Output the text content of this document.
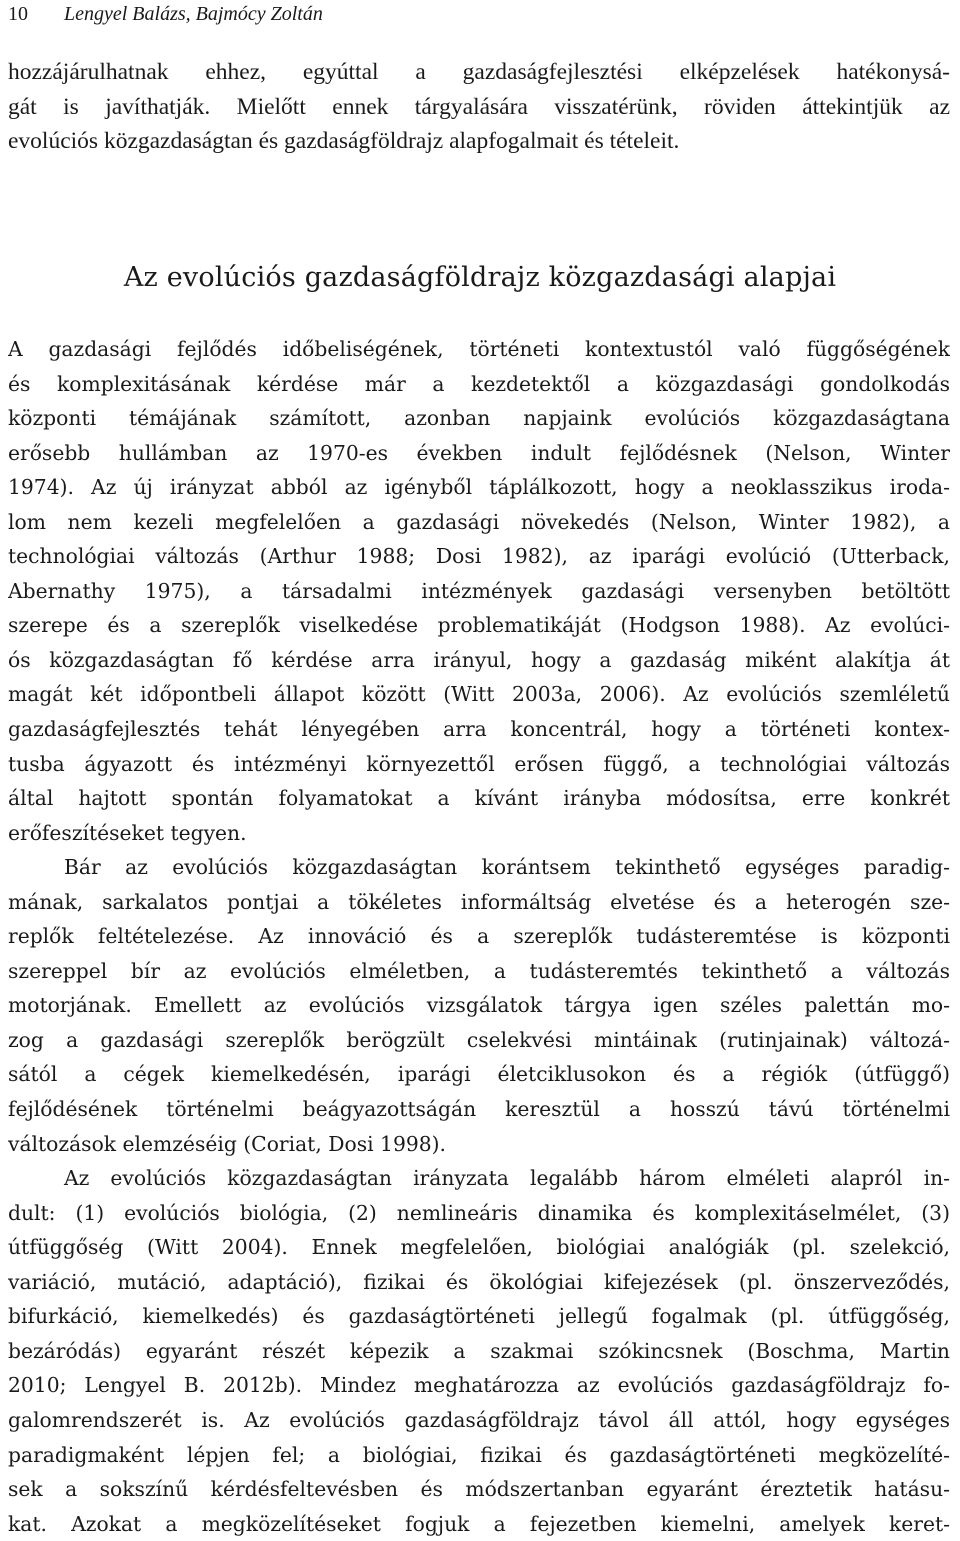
10 Lengyel Balázs, Bajmócy Zoltán
hozzájárulhatnak ehhez, egyúttal a gazdaságfejlesztési elképzelések hatékonysá-
gát is javíthatják. Mielőtt ennek tárgyalására visszatérünk, röviden áttekintjük az
evolúciós közgazdaságtan és gazdaságföldrajz alapfogalmait és tételeit.
Az evolúciós gazdaságföldrajz közgazdasági alapjai
A gazdasági fejlődés időbeliségének, történeti kontextustól való függőségének
és komplexitásának kérdése már a kezdetektől a közgazdasági gondolkodás
központi témájának számított, azonban napjaink evolúciós közgazdaságtana
erősebb hullámban az 1970-es években indult fejlődésnek (Nelson, Winter
1974). Az új irányzat abból az igényből táplálkozott, hogy a neoklasszikus iroda-
lom nem kezeli megfelelően a gazdasági növekedés (Nelson, Winter 1982), a
technológiai változás (Arthur 1988; Dosi 1982), az iparági evolúció (Utterback,
Abernathy 1975), a társadalmi intézmények gazdasági versenyben betöltött
szerepe és a szereplők viselkedése problematikáját (Hodgson 1988). Az evolúci-
ós közgazdaságtan fő kérdése arra irányul, hogy a gazdaság miként alakítja át
magát két időpontbeli állapot között (Witt 2003a, 2006). Az evolúciós szemléletű
gazdaságfejlesztés tehát lényegében arra koncentrál, hogy a történeti kontex-
tusba ágyazott és intézményi környezettől erősen függő, a technológiai változás
által hajtott spontán folyamatokat a kívánt irányba módosítsa, erre konkrét
erőfeszítéseket tegyen.
Bár az evolúciós közgazdaságtan korántsem tekinthető egységes paradig-
mának, sarkalatos pontjai a tökéletes informáltság elvetése és a heterogén sze-
replők feltételezése. Az innováció és a szereplők tudásteremtése is központi
szereppel bír az evolúciós elméletben, a tudásteremtés tekinthető a változás
motorjának. Emellett az evolúciós vizsgálatok tárgya igen széles palettán mo-
zog a gazdasági szereplők berögzült cselekvési mintáinak (rutinjainak) változá-
sától a cégek kiemelkedésén, iparági életciklusokon és a régiók (útfüggő)
fejlődésének történelmi beágyazottságán keresztül a hosszú távú történelmi
változások elemzéséig (Coriat, Dosi 1998).
Az evolúciós közgazdaságtan irányzata legalább három elméleti alapról in-
dult: (1) evolúciós biológia, (2) nemlineáris dinamika és komplexitáselmélet, (3)
útfüggőség (Witt 2004). Ennek megfelelően, biológiai analógiák (pl. szelekció,
variáció, mutáció, adaptáció), fizikai és ökológiai kifejezések (pl. önszerveződés,
bifurkáció, kiemelkedés) és gazdaságtörténeti jellegű fogalmak (pl. útfüggőség,
bezáródás) egyaránt részét képezik a szakmai szókincsnek (Boschma, Martin
2010; Lengyel B. 2012b). Mindez meghatározza az evolúciós gazdaságföldrajz fo-
galomrendszerét is. Az evolúciós gazdaságföldrajz távol áll attól, hogy egységes
paradigmaként lépjen fel; a biológiai, fizikai és gazdaságtörténeti megközelíté-
sek a sokszínű kérdésfeltevésben és módszertanban egyaránt éreztetik hatásu-
kat. Azokat a megközelítéseket fogjuk a fejezetben kiemelni, amelyek keret-
